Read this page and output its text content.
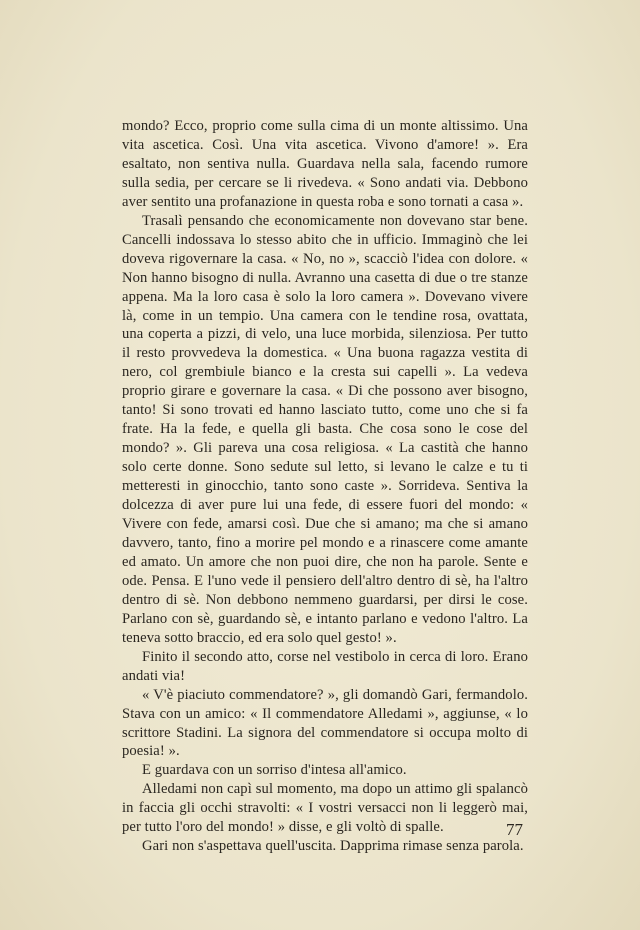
mondo? Ecco, proprio come sulla cima di un monte altissimo. Una vita ascetica. Così. Una vita ascetica. Vivono d'amore! ». Era esaltato, non sentiva nulla. Guardava nella sala, facendo rumore sulla sedia, per cercare se li rivedeva. « Sono andati via. Debbono aver sentito una profanazione in questa roba e sono tornati a casa ».

Trasalì pensando che economicamente non dovevano star bene. Cancelli indossava lo stesso abito che in ufficio. Immaginò che lei doveva rigovernare la casa. « No, no », scacciò l'idea con dolore. « Non hanno bisogno di nulla. Avranno una casetta di due o tre stanze appena. Ma la loro casa è solo la loro camera ». Dovevano vivere là, come in un tempio. Una camera con le tendine rosa, ovattata, una coperta a pizzi, di velo, una luce morbida, silenziosa. Per tutto il resto provvedeva la domestica. « Una buona ragazza vestita di nero, col grembiule bianco e la cresta sui capelli ». La vedeva proprio girare e governare la casa. « Di che possono aver bisogno, tanto! Si sono trovati ed hanno lasciato tutto, come uno che si fa frate. Ha la fede, e quella gli basta. Che cosa sono le cose del mondo? ». Gli pareva una cosa religiosa. « La castità che hanno solo certe donne. Sono sedute sul letto, si levano le calze e tu ti metteresti in ginocchio, tanto sono caste ». Sorrideva. Sentiva la dolcezza di aver pure lui una fede, di essere fuori del mondo: « Vivere con fede, amarsi così. Due che si amano; ma che si amano davvero, tanto, fino a morire pel mondo e a rinascere come amante ed amato. Un amore che non puoi dire, che non ha parole. Sente e ode. Pensa. E l'uno vede il pensiero dell'altro dentro di sè, ha l'altro dentro di sè. Non debbono nemmeno guardarsi, per dirsi le cose. Parlano con sè, guardando sè, e intanto parlano e vedono l'altro. La teneva sotto braccio, ed era solo quel gesto! ».

Finito il secondo atto, corse nel vestibolo in cerca di loro. Erano andati via!

« V'è piaciuto commendatore? », gli domandò Gari, fermandolo. Stava con un amico: « Il commendatore Alledami », aggiunse, « lo scrittore Stadini. La signora del commendatore si occupa molto di poesia! ».

E guardava con un sorriso d'intesa all'amico.

Alledami non capì sul momento, ma dopo un attimo gli spalancò in faccia gli occhi stravolti: « I vostri versacci non li leggerò mai, per tutto l'oro del mondo! » disse, e gli voltò di spalle.

Gari non s'aspettava quell'uscita. Dapprima rimase senza parola.

77
